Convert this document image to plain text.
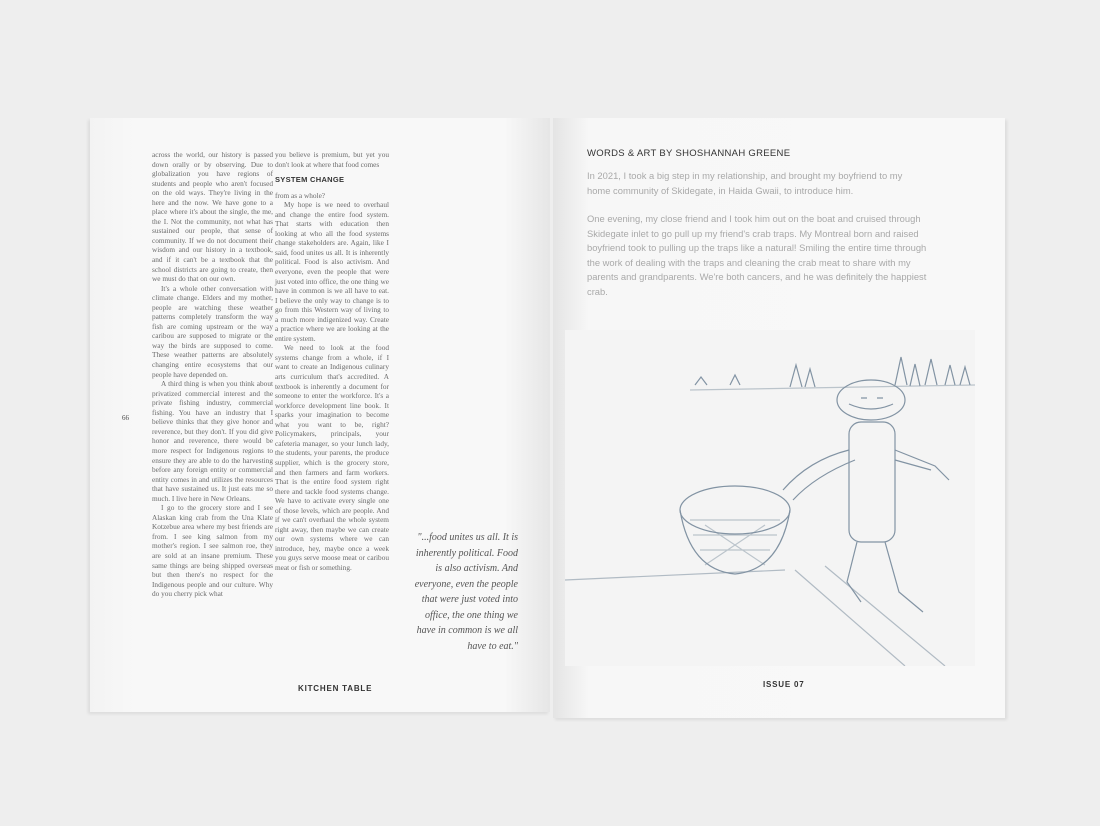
across the world, our history is passed down orally or by observing. Due to globalization you have regions of students and people who aren't focused on the old ways. They're living in the here and the now. We have gone to a place where it's about the single, the me, the I. Not the community, not what has sustained our people, that sense of community. If we do not document their wisdom and our history in a textbook, and if it can't be a textbook that the school districts are going to create, then we must do that on our own.

It's a whole other conversation with climate change. Elders and my mother, people are watching these weather patterns completely transform the way fish are coming upstream or the way caribou are supposed to migrate or the way the birds are supposed to come. These weather patterns are absolutely changing entire ecosystems that our people have depended on.

A third thing is when you think about privatized commercial interest and the private fishing industry, commercial fishing. You have an industry that I believe thinks that they give honor and reverence, but they don't. If you did give honor and reverence, there would be more respect for Indigenous regions to ensure they are able to do the harvesting before any foreign entity or commercial entity comes in and utilizes the resources that have sustained us. It just eats me so much. I live here in New Orleans.

I go to the grocery store and I see Alaskan king crab from the Una Klate Kotzebue area where my best friends are from. I see king salmon from my mother's region. I see salmon roe, they are sold at an insane premium. These same things are being shipped overseas but then there's no respect for the Indigenous people and our culture. Why do you cherry pick what

you believe is premium, but yet you don't look at where that food comes

SYSTEM CHANGE

from as a whole?

My hope is we need to overhaul and change the entire food system. That starts with education then looking at who all the food systems change stakeholders are. Again, like I said, food unites us all. It is inherently political. Food is also activism. And everyone, even the people that were just voted into office, the one thing we have in common is we all have to eat. I believe the only way to change is to go from this Western way of living to a much more indigenized way. Create a practice where we are looking at the entire system.

We need to look at the food systems change from a whole, if I want to create an Indigenous culinary arts curriculum that's accredited. A textbook is inherently a document for someone to enter the workforce. It's a workforce development line book. It sparks your imagination to become what you want to be, right? Policymakers, principals, your cafeteria manager, so your lunch lady, the students, your parents, the produce supplier, which is the grocery store, and then farmers and farm workers. That is the entire food system right there and tackle food systems change. We have to activate every single one of those levels, which are people. And if we can't overhaul the whole system right away, then maybe we can create our own systems where we can introduce, hey, maybe once a week you guys serve moose meat or caribou meat or fish or something.

66
"...food unites us all. It is inherently political. Food is also activism. And everyone, even the people that were just voted into office, the one thing we have in common is we all have to eat."
KITCHEN TABLE
WORDS & ART BY SHOSHANNAH GREENE

In 2021, I took a big step in my relationship, and brought my boyfriend to my home community of Skidegate, in Haida Gwaii, to introduce him.

One evening, my close friend and I took him out on the boat and cruised through Skidegate inlet to go pull up my friend's crab traps. My Montreal born and raised boyfriend took to pulling up the traps like a natural! Smiling the entire time through the work of dealing with the traps and cleaning the crab meat to share with my parents and grandparents. We're both cancers, and he was definitely the happiest crab.

ISSUE 07
